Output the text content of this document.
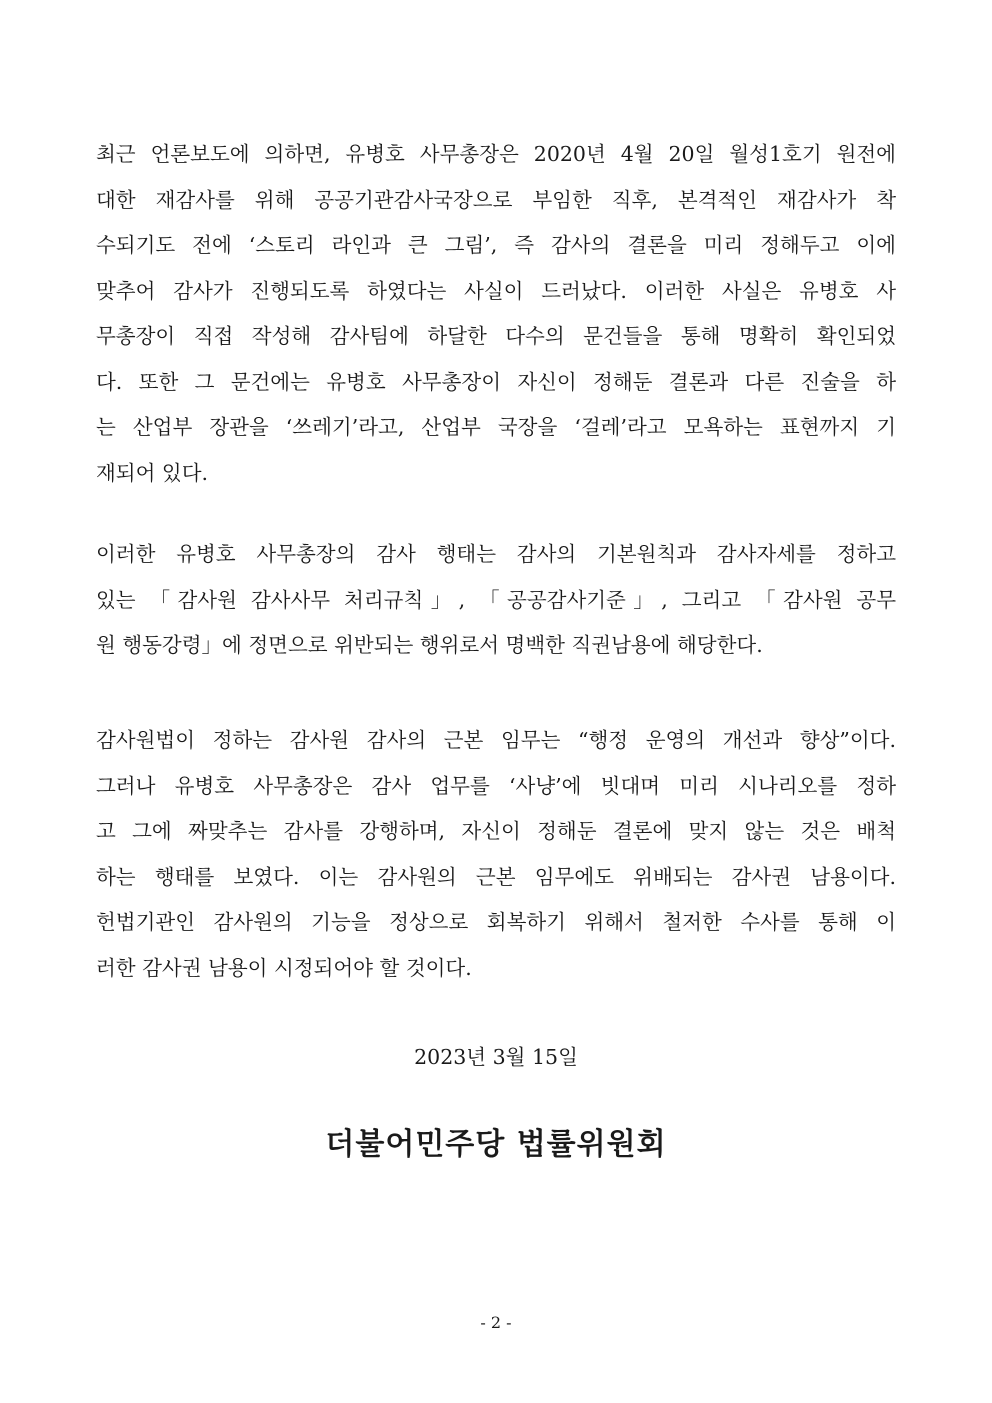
최근 언론보도에 의하면, 유병호 사무총장은 2020년 4월 20일 월성1호기 원전에
대한 재감사를 위해 공공기관감사국장으로 부임한 직후, 본격적인 재감사가 착
수되기도 전에 ‘스토리 라인과 큰 그림’, 즉 감사의 결론을 미리 정해두고 이에
맞추어 감사가 진행되도록 하였다는 사실이 드러났다. 이러한 사실은 유병호 사
무총장이 직접 작성해 감사팀에 하달한 다수의 문건들을 통해 명확히 확인되었
다. 또한 그 문건에는 유병호 사무총장이 자신이 정해둔 결론과 다른 진술을 하
는 산업부 장관을 ‘쓰레기’라고, 산업부 국장을 ‘걸레’라고 모욕하는 표현까지 기
재되어 있다.
이러한 유병호 사무총장의 감사 행태는 감사의 기본원칙과 감사자세를 정하고
있는 「감사원 감사사무 처리규칙」, 「공공감사기준」, 그리고 「감사원 공무
원 행동강령」에 정면으로 위반되는 행위로서 명백한 직권남용에 해당한다.
감사원법이 정하는 감사원 감사의 근본 임무는 “행정 운영의 개선과 향상”이다.
그러나 유병호 사무총장은 감사 업무를 ‘사냥’에 빗대며 미리 시나리오를 정하
고 그에 짜맞추는 감사를 강행하며, 자신이 정해둔 결론에 맞지 않는 것은 배척
하는 행태를 보였다. 이는 감사원의 근본 임무에도 위배되는 감사권 남용이다.
헌법기관인 감사원의 기능을 정상으로 회복하기 위해서 철저한 수사를 통해 이
러한 감사권 남용이 시정되어야 할 것이다.
2023년 3월 15일
더불어민주당 법률위원회
- 2 -
